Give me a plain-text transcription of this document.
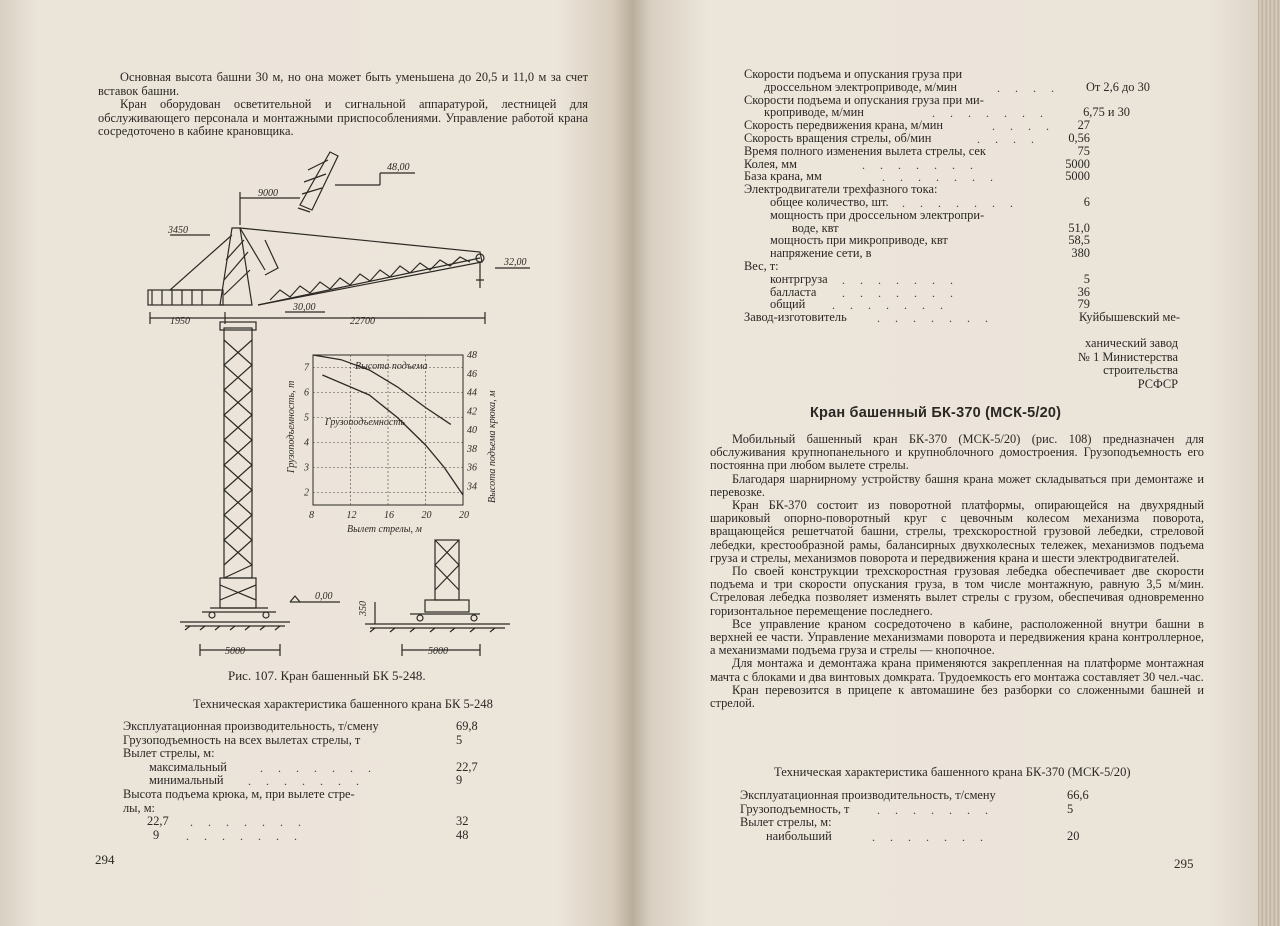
Основная высота башни 30 м, но она может быть уменьшена до 20,5 и 11,0 м за счет вставок башни.

Кран оборудован осветительной и сигнальной аппаратурой, лестницей для обслуживающего персонала и монтажными приспособлениями. Управление работой крана сосредоточено в кабине крановщика.

48,00
9000
3450
32,00
30,00
1950	22700
0,00
5000
350
5000
8	12	16	20	20
2
3
4
5
6
7
34
36
38
40
42
44
46
48
Высота подъема
Грузоподъемность
Вылет стрелы, м
Грузоподъемность, т	Высота подъема крюка, м
Рис. 107. Кран башенный БК 5-248.
Техническая характеристика башенного крана БК 5-248
Эксплуатационная производительность, т/смену	69,8
Грузоподъемность на всех вылетах стрелы, т	5
Вылет стрелы, м:
максимальный	. . . . . . .	22,7
минимальный . . . . . . .	9
Высота подъема крюка, м, при вылете стре-
лы, м:
22,7 . . . . . . .	32
9 . . . . . . .	48
294
Скорости подъема и опускания груза при
дроссельном электроприводе, м/мин	. . . . От 2,6 до 30
Скорости подъема и опускания груза при ми-
кроприводе, м/мин	. . . . . . .	6,75 и 30
Скорость передвижения крана, м/мин	. . . . 27
Скорость вращения стрелы, об/мин	. . . . 0,56
Время полного изменения вылета стрелы, сек	75
Колея, мм	. . . . . . .	5000
База крана, мм	. . . . . . .	5000
Электродвигатели трехфазного тока:
общее количество, шт. . . . . . . .	6
мощность при дроссельном электропри-
воде, квт	51,0
мощность при микроприводе, квт	58,5
напряжение сети, в	380
Вес, т:
контргруза . . . . . . .	5
балласта . . . . . . .	36
общий . . . . . . .	79
Завод-изготовитель	. . . . . . .	Куйбышевский ме-
ханический завод
№ 1 Министерства
строительства
РСФСР
Кран башенный БК-370 (МСК-5/20)

Мобильный башенный кран БК-370 (МСК-5/20) (рис. 108) предназначен для обслуживания крупнопанельного и крупноблочного домостроения. Грузоподъемность его постоянна при любом вылете стрелы.

Благодаря шарнирному устройству башня крана может складываться при демонтаже и перевозке.

Кран БК-370 состоит из поворотной платформы, опирающейся на двухрядный шариковый опорно-поворотный круг с цевочным колесом механизма поворота, вращающейся решетчатой башни, стрелы, трехскоростной грузовой лебедки, стреловой лебедки, крестообразной рамы, балансирных двухколесных тележек, механизмов подъема груза и стрелы, механизмов поворота и передвижения крана и шести электродвигателей.

По своей конструкции трехскоростная грузовая лебедка обеспечивает две скорости подъема и три скорости опускания груза, в том числе монтажную, равную 3,5 м/мин. Стреловая лебедка позволяет изменять вылет стрелы с грузом, обеспечивая одновременно горизонтальное перемещение последнего.

Все управление краном сосредоточено в кабине, расположенной внутри башни в верхней ее части. Управление механизмами поворота и передвижения крана контроллерное, а механизмами подъема груза и стрелы — кнопочное.

Для монтажа и демонтажа крана применяются закрепленная на платформе монтажная мачта с блоками и два винтовых домкрата. Трудоемкость его монтажа составляет 30 чел.-час.

Кран перевозится в прицепе к автомашине без разборки со сложенными башней и стрелой.

Техническая характеристика башенного крана БК-370 (МСК-5/20)
Эксплуатационная производительность, т/смену	66,6
Грузоподъемность, т . . . . . . .	5
Вылет стрелы, м:
наибольший	. . . . . . .	20
295
